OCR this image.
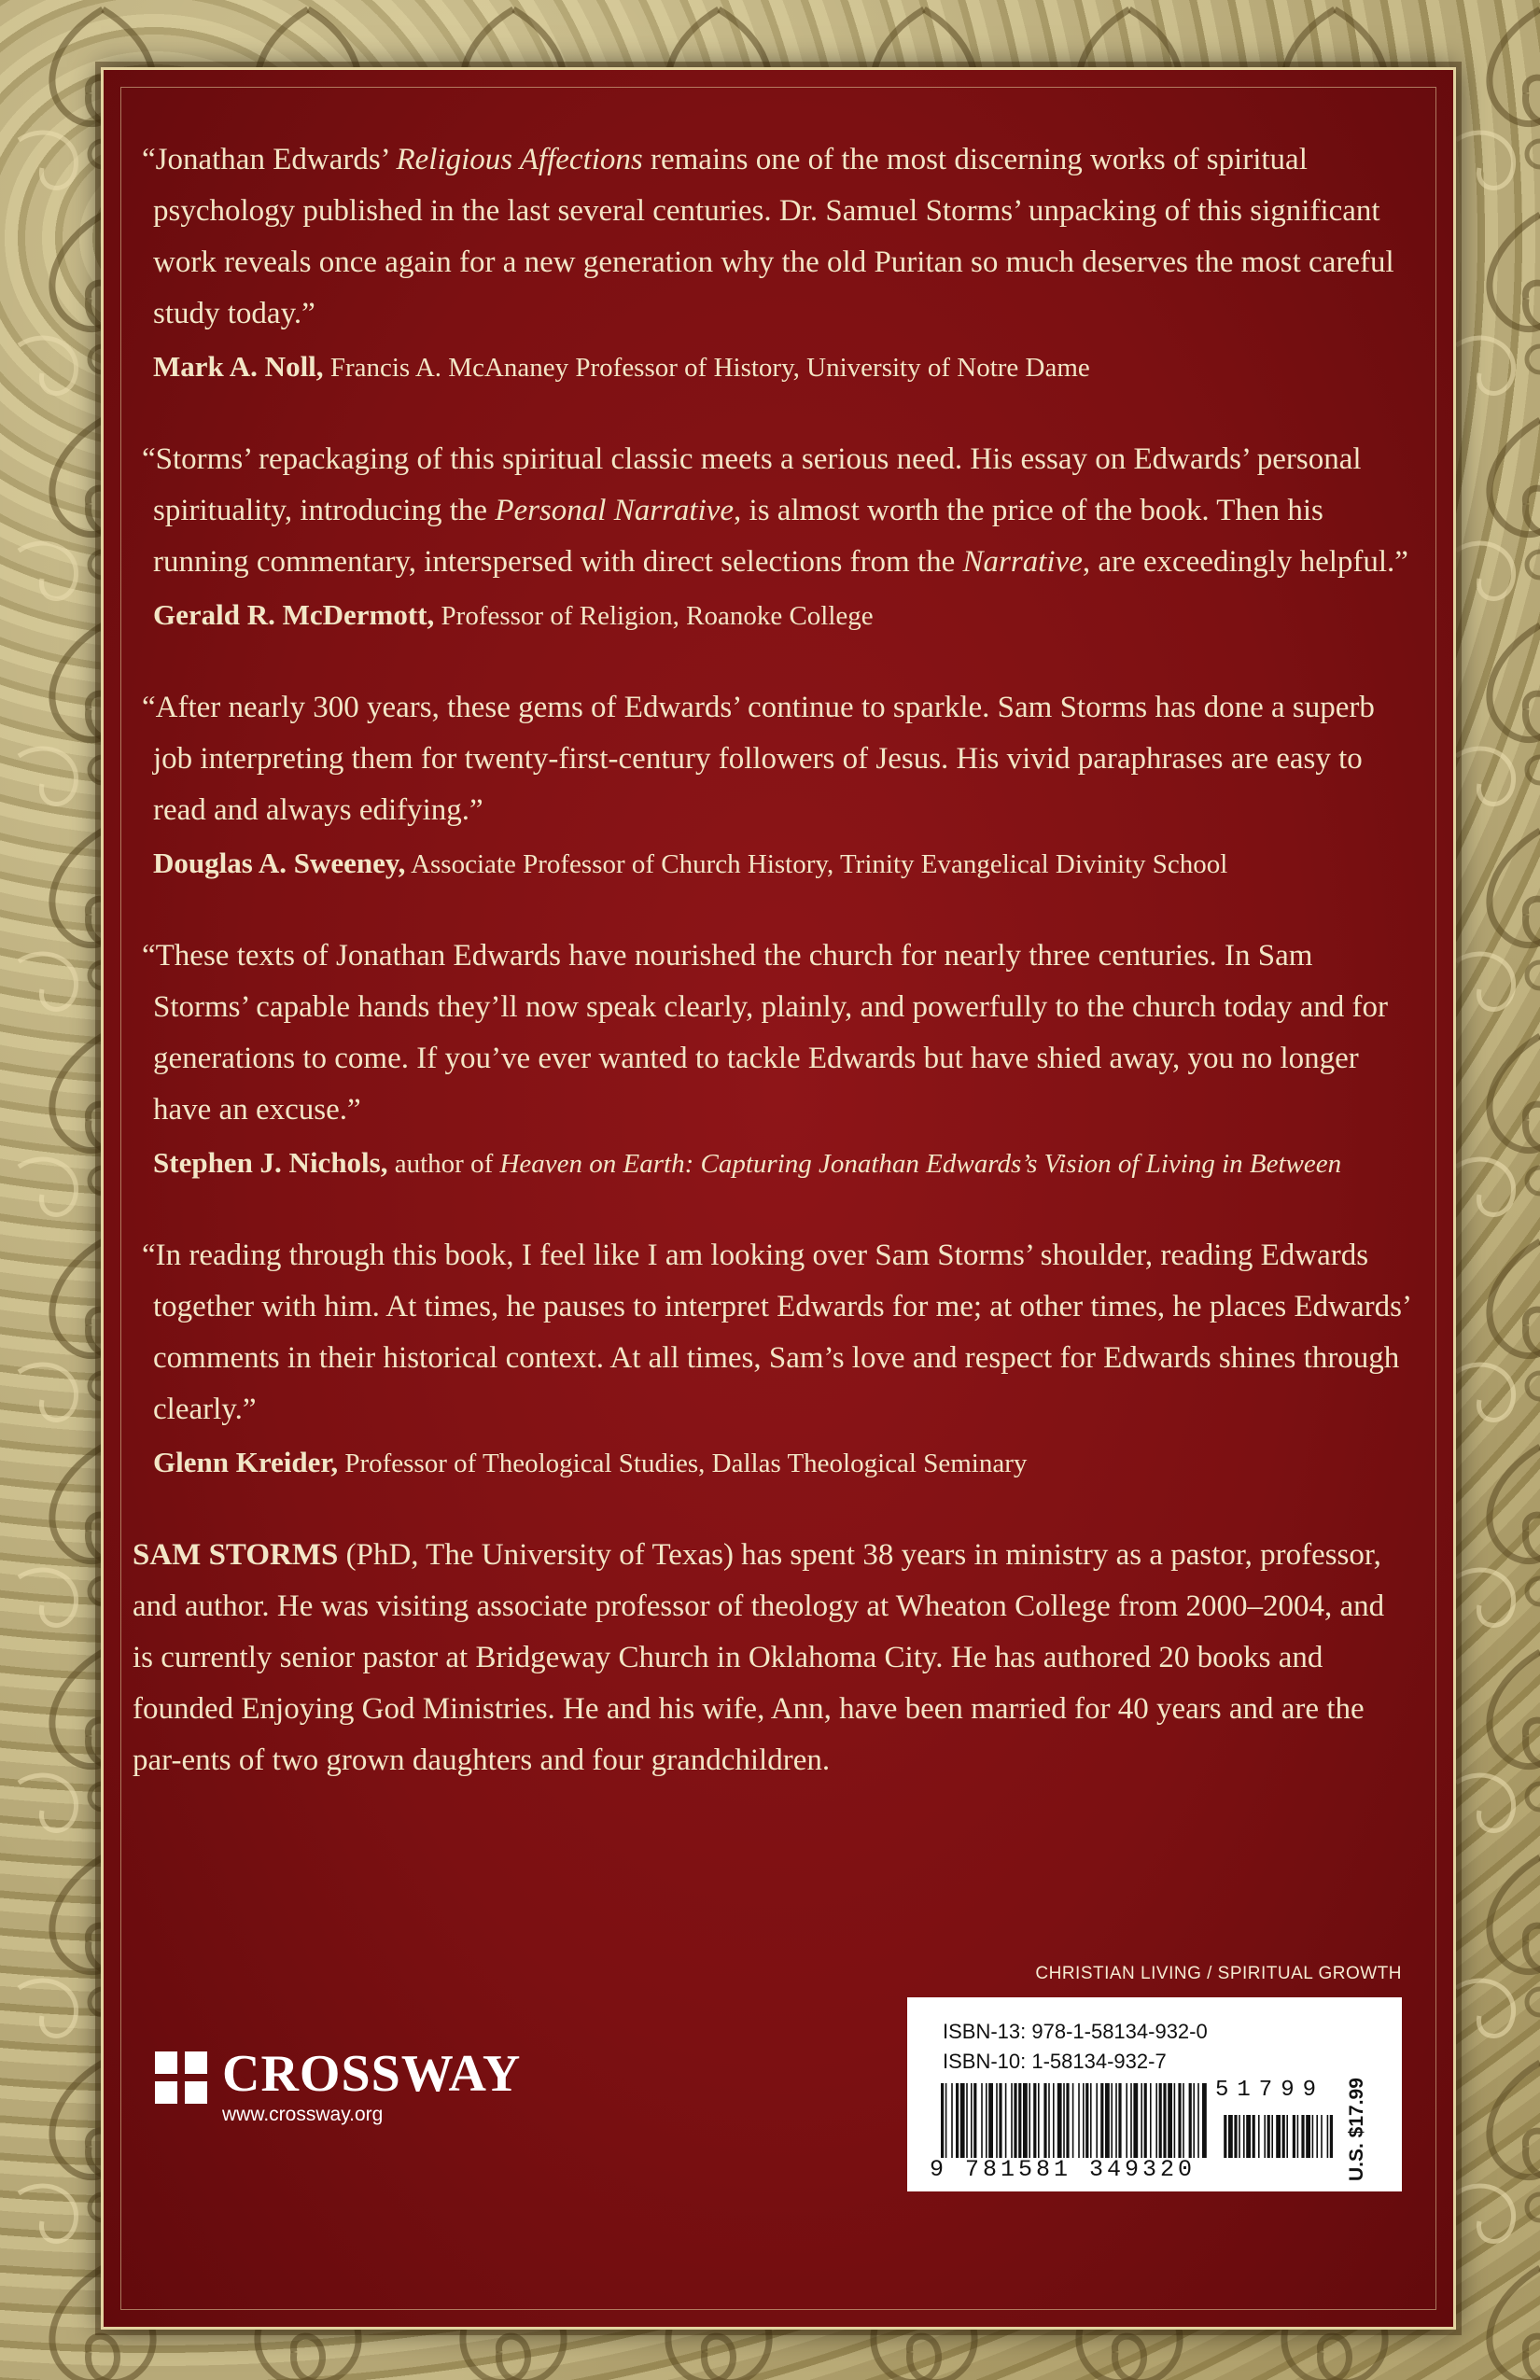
“Jonathan Edwards’ Religious Affections remains one of the most discerning works of spiritual psychology published in the last several centuries. Dr. Samuel Storms’ unpacking of this significant work reveals once again for a new generation why the old Puritan so much deserves the most careful study today.”

Mark A. Noll, Francis A. McAnaney Professor of History, University of Notre Dame

“Storms’ repackaging of this spiritual classic meets a serious need. His essay on Edwards’ personal spirituality, introducing the Personal Narrative, is almost worth the price of the book. Then his running commentary, interspersed with direct selections from the Narrative, are exceedingly helpful.”

Gerald R. McDermott, Professor of Religion, Roanoke College

“After nearly 300 years, these gems of Edwards’ continue to sparkle. Sam Storms has done a superb job interpreting them for twenty-first-century followers of Jesus. His vivid paraphrases are easy to read and always edifying.”

Douglas A. Sweeney, Associate Professor of Church History, Trinity Evangelical Divinity School

“These texts of Jonathan Edwards have nourished the church for nearly three centuries. In Sam Storms’ capable hands they’ll now speak clearly, plainly, and powerfully to the church today and for generations to come. If you’ve ever wanted to tackle Edwards but have shied away, you no longer have an excuse.”

Stephen J. Nichols, author of Heaven on Earth: Capturing Jonathan Edwards’s Vision of Living in Between

“In reading through this book, I feel like I am looking over Sam Storms’ shoulder, reading Edwards together with him. At times, he pauses to interpret Edwards for me; at other times, he places Edwards’ comments in their historical context. At all times, Sam’s love and respect for Edwards shines through clearly.”

Glenn Kreider, Professor of Theological Studies, Dallas Theological Seminary

SAM STORMS (PhD, The University of Texas) has spent 38 years in ministry as a pastor, professor, and author. He was visiting associate professor of theology at Wheaton College from 2000–2004, and is currently senior pastor at Bridgeway Church in Oklahoma City. He has authored 20 books and founded Enjoying God Ministries. He and his wife, Ann, have been married for 40 years and are the par-ents of two grown daughters and four grandchildren.

CHRISTIAN LIVING / SPIRITUAL GROWTH
ISBN-13: 978-1-58134-932-0
ISBN-10: 1-58134-932-7
51799
9 781581 349320	U.S. $17.99
CROSSWAY
www.crossway.org
